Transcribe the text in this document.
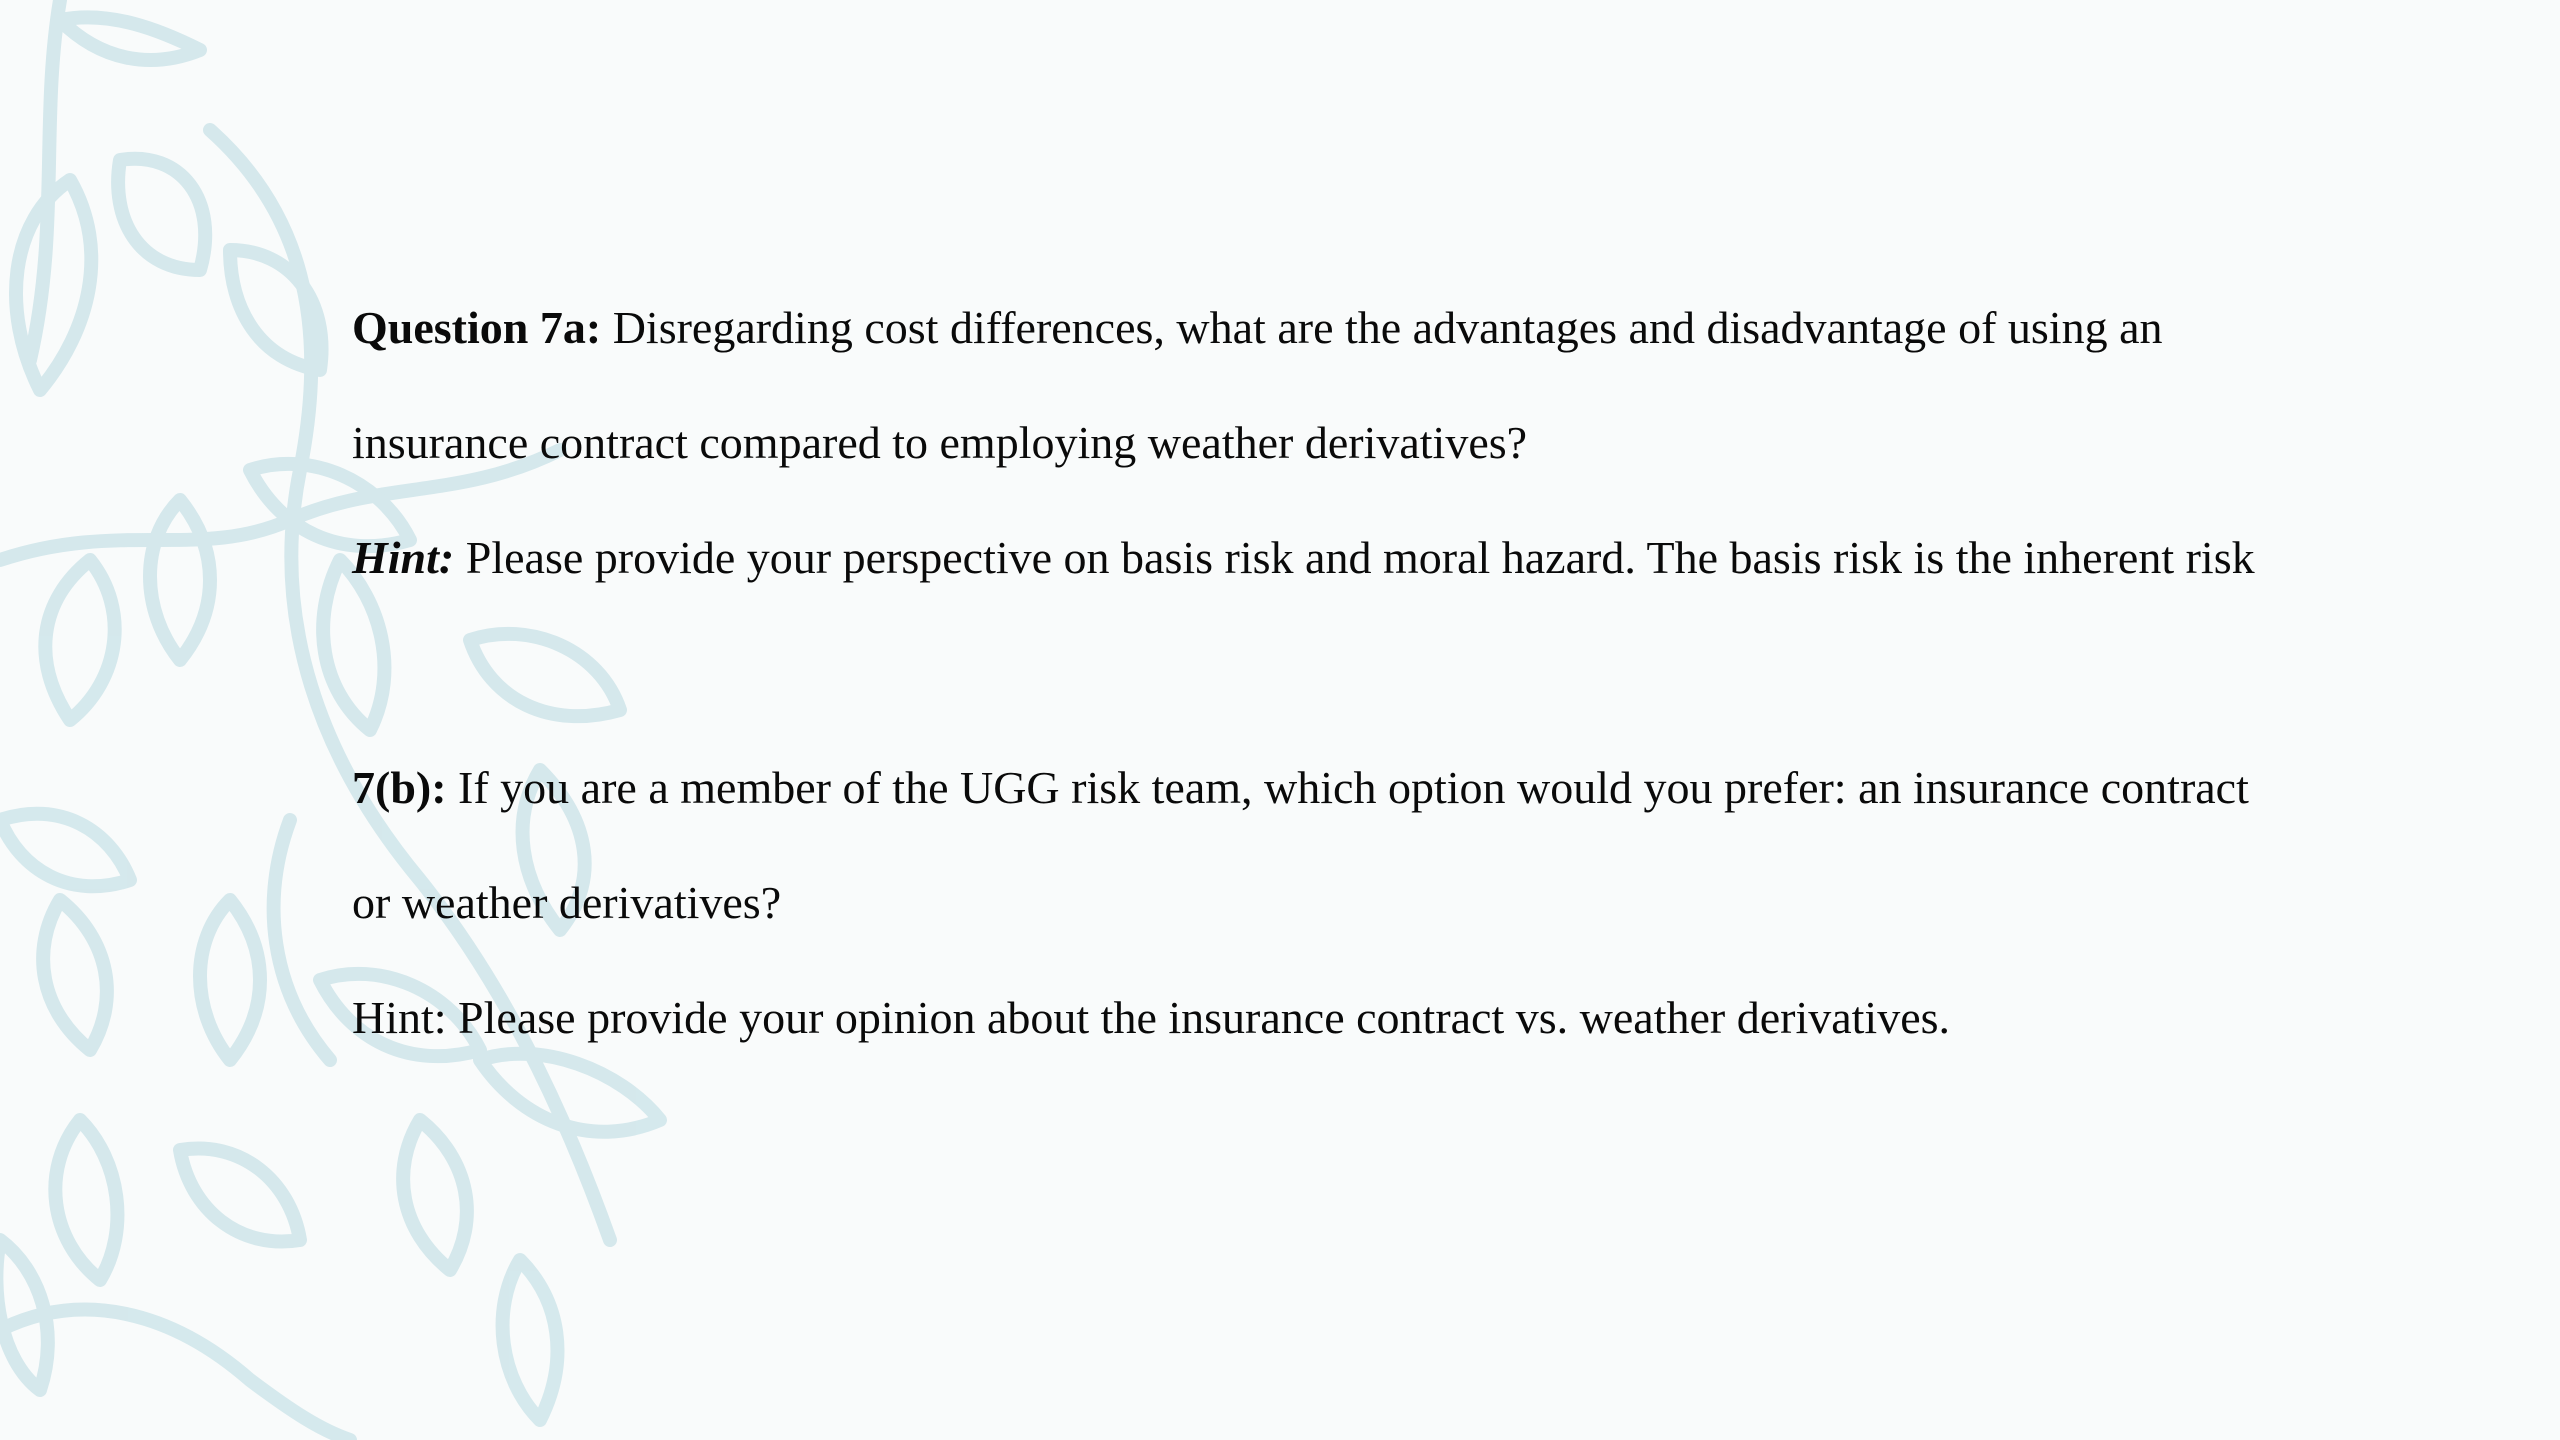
Question 7a: Disregarding cost differences, what are the advantages and disadvantage of using an
insurance contract compared to employing weather derivatives?
Hint: Please provide your perspective on basis risk and moral hazard. The basis risk is the inherent risk
7(b): If you are a member of the UGG risk team, which option would you prefer: an insurance contract
or weather derivatives?
Hint: Please provide your opinion about the insurance contract vs. weather derivatives.
